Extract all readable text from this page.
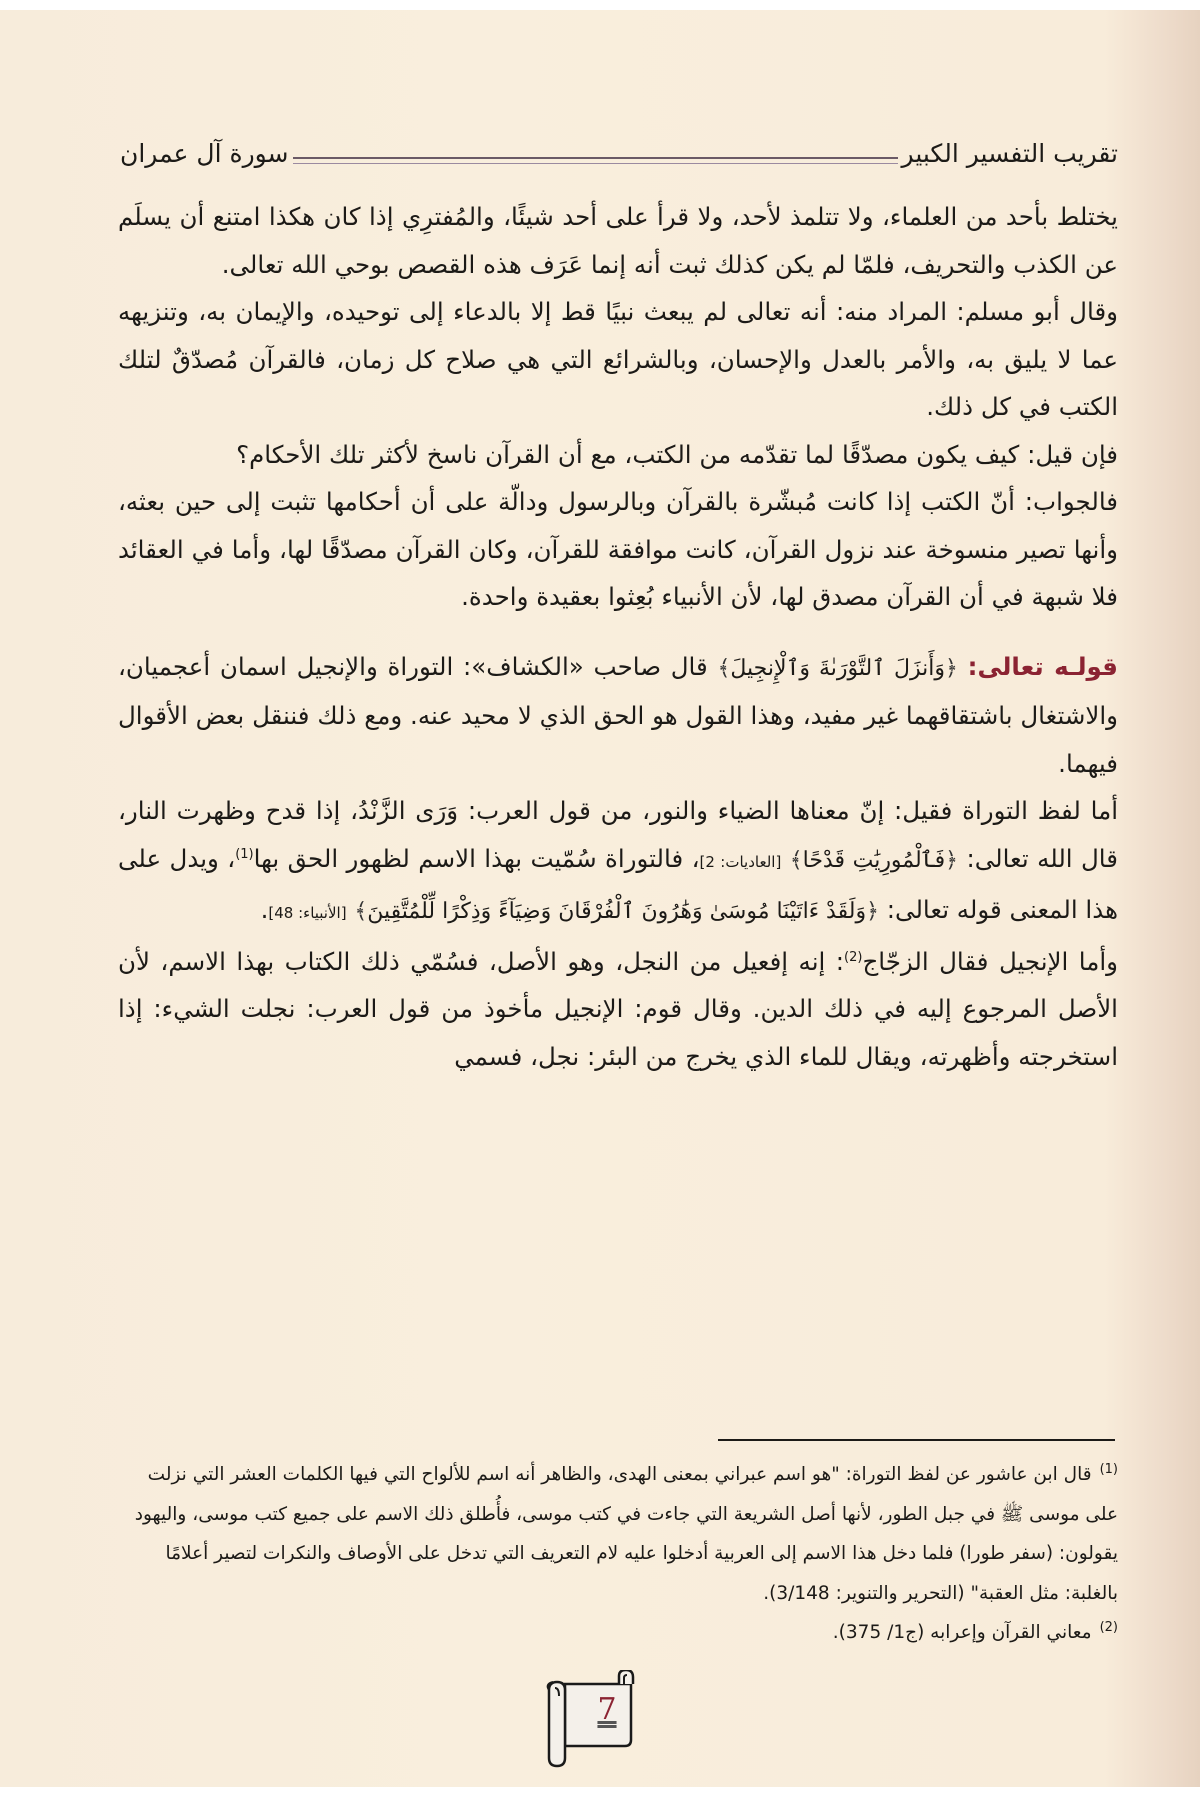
تقريب التفسير الكبير
سورة آل عمران

يختلط بأحد من العلماء، ولا تتلمذ لأحد، ولا قرأ على أحد شيئًا، والمُفترِي إذا كان هكذا امتنع أن يسلَم عن الكذب والتحريف، فلمّا لم يكن كذلك ثبت أنه إنما عَرَف هذه القصص بوحي الله تعالى.

وقال أبو مسلم: المراد منه: أنه تعالى لم يبعث نبيًا قط إلا بالدعاء إلى توحيده، والإيمان به، وتنزيهه عما لا يليق به، والأمر بالعدل والإحسان، وبالشرائع التي هي صلاح كل زمان، فالقرآن مُصدّقٌ لتلك الكتب في كل ذلك.

فإن قيل: كيف يكون مصدّقًا لما تقدّمه من الكتب، مع أن القرآن ناسخ لأكثر تلك الأحكام؟

فالجواب: أنّ الكتب إذا كانت مُبشّرة بالقرآن وبالرسول ودالّة على أن أحكامها تثبت إلى حين بعثه، وأنها تصير منسوخة عند نزول القرآن، كانت موافقة للقرآن، وكان القرآن مصدّقًا لها، وأما في العقائد فلا شبهة في أن القرآن مصدق لها، لأن الأنبياء بُعِثوا بعقيدة واحدة.

قولـه تعالى: ﴿وَأَنزَلَ ٱلتَّوْرَىٰةَ وَٱلْإِنجِيلَ﴾ قال صاحب «الكشاف»: التوراة والإنجيل اسمان أعجميان، والاشتغال باشتقاقهما غير مفيد، وهذا القول هو الحق الذي لا محيد عنه. ومع ذلك فننقل بعض الأقوال فيهما.

أما لفظ التوراة فقيل: إنّ معناها الضياء والنور، من قول العرب: وَرَى الزَّنْدُ، إذا قدح وظهرت النار، قال الله تعالى: ﴿فَٱلْمُورِيَٰتِ قَدْحًا﴾ [العاديات: 2]، فالتوراة سُمّيت بهذا الاسم لظهور الحق بها$^{(1)}$، ويدل على هذا المعنى قوله تعالى: ﴿وَلَقَدْ ءَاتَيْنَا مُوسَىٰ وَهَٰرُونَ ٱلْفُرْقَانَ وَضِيَآءً وَذِكْرًا لِّلْمُتَّقِينَ﴾ [الأنبياء: 48].

وأما الإنجيل فقال الزجّاج$^{(2)}$: إنه إفعيل من النجل، وهو الأصل، فسُمّي ذلك الكتاب بهذا الاسم، لأن الأصل المرجوع إليه في ذلك الدين. وقال قوم: الإنجيل مأخوذ من قول العرب: نجلت الشيء: إذا استخرجته وأظهرته، ويقال للماء الذي يخرج من البئر: نجل، فسمي

$^{(1)}$قال ابن عاشور عن لفظ التوراة: "هو اسم عبراني بمعنى الهدى، والظاهر أنه اسم للألواح التي فيها الكلمات العشر التي نزلت على موسى ﷺ في جبل الطور، لأنها أصل الشريعة التي جاءت في كتب موسى، فأُطلق ذلك الاسم على جميع كتب موسى، واليهود يقولون: (سفر طورا) فلما دخل هذا الاسم إلى العربية أدخلوا عليه لام التعريف التي تدخل على الأوصاف والنكرات لتصير أعلامًا بالغلبة: مثل العقبة" (التحرير والتنوير: 3/148).

$^{(2)}$معاني القرآن وإعرابه (ج1/ 375).

7
